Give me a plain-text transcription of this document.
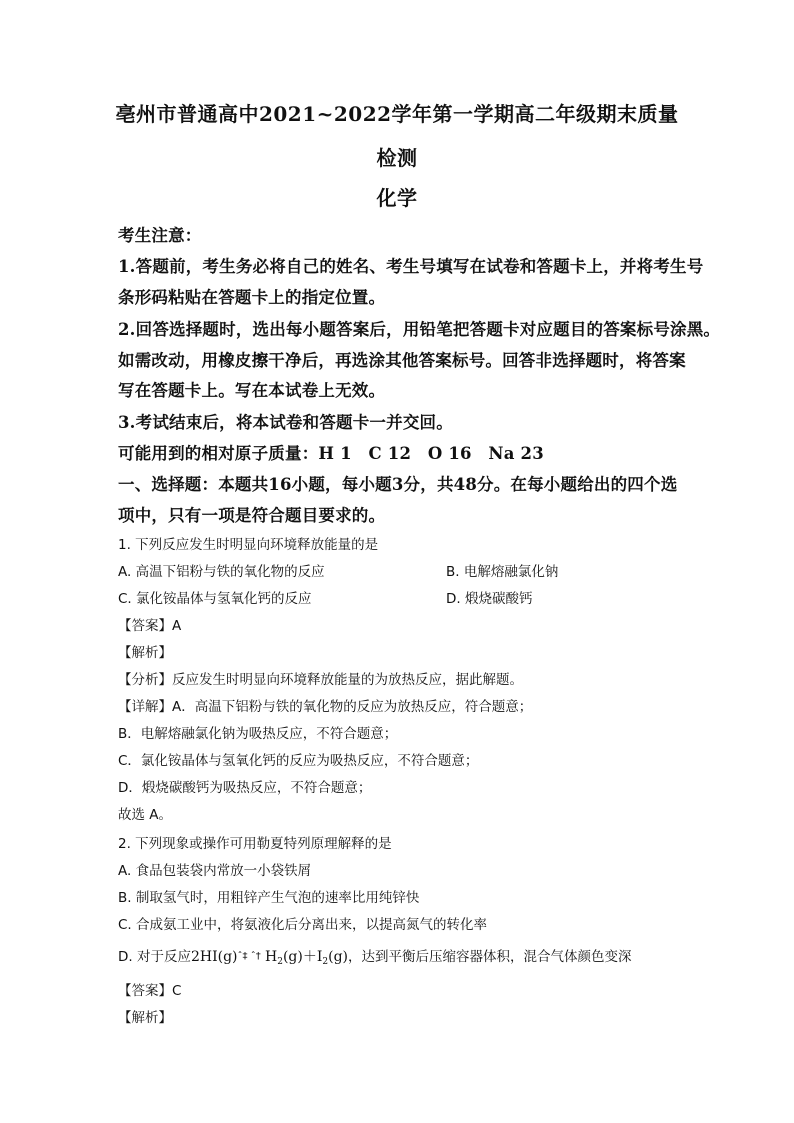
亳州市普通高中2021~2022学年第一学期高二年级期末质量
检测
化学
考生注意：
1.答题前，考生务必将自己的姓名、考生号填写在试卷和答题卡上，并将考生号
条形码粘贴在答题卡上的指定位置。
2.回答选择题时，选出每小题答案后，用铅笔把答题卡对应题目的答案标号涂黑。
如需改动，用橡皮擦干净后，再选涂其他答案标号。回答非选择题时，将答案
写在答题卡上。写在本试卷上无效。
3.考试结束后，将本试卷和答题卡一并交回。
可能用到的相对原子质量：H 1　C 12　O 16　Na 23
一、选择题：本题共16小题，每小题3分，共48分。在每小题给出的四个选
项中，只有一项是符合题目要求的。
1. 下列反应发生时明显向环境释放能量的是
A. 高温下铝粉与铁的氧化物的反应	B. 电解熔融氯化钠
C. 氯化铵晶体与氢氧化钙的反应	D. 煅烧碳酸钙
【答案】A
【解析】
【分析】反应发生时明显向环境释放能量的为放热反应，据此解题。
【详解】A．高温下铝粉与铁的氧化物的反应为放热反应，符合题意；
B．电解熔融氯化钠为吸热反应，不符合题意；
C．氯化铵晶体与氢氧化钙的反应为吸热反应，不符合题意；
D．煅烧碳酸钙为吸热反应，不符合题意；
故选 A。
2. 下列现象或操作可用勒夏特列原理解释的是
A. 食品包装袋内常放一小袋铁屑
B. 制取氢气时，用粗锌产生气泡的速率比用纯锌快
C. 合成氨工业中，将氨液化后分离出来，以提高氮气的转化率
D. 对于反应2HI(g)ˆ‡ ˆ† $H_2(g)+I_2(g)$，达到平衡后压缩容器体积，混合气体颜色变深
【答案】C
【解析】
